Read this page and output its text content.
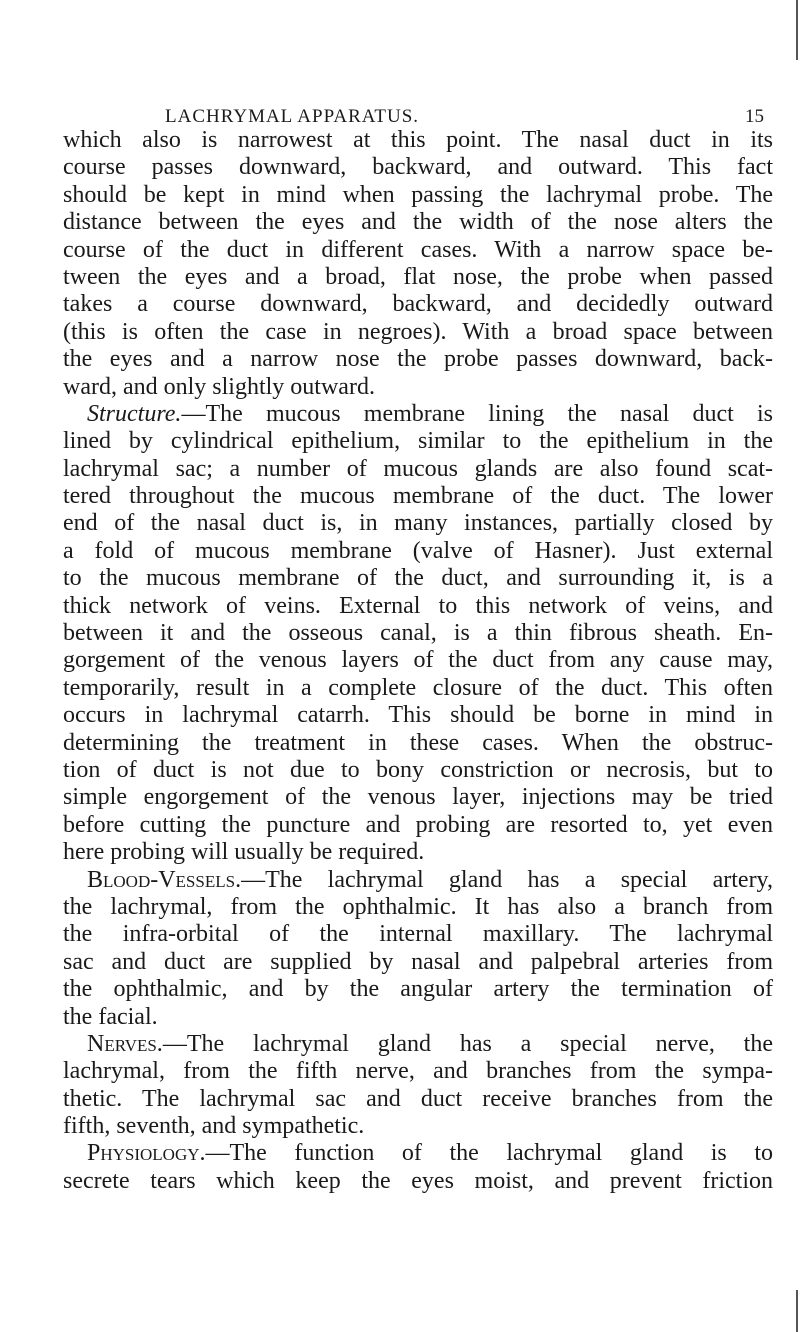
LACHRYMAL APPARATUS.	15
which also is narrowest at this point. The nasal duct in its
course passes downward, backward, and outward. This fact
should be kept in mind when passing the lachrymal probe. The
distance between the eyes and the width of the nose alters the
course of the duct in different cases. With a narrow space be-
tween the eyes and a broad, flat nose, the probe when passed
takes a course downward, backward, and decidedly outward
(this is often the case in negroes). With a broad space between
the eyes and a narrow nose the probe passes downward, back-
ward, and only slightly outward.
 Structure.—The mucous membrane lining the nasal duct is
lined by cylindrical epithelium, similar to the epithelium in the
lachrymal sac; a number of mucous glands are also found scat-
tered throughout the mucous membrane of the duct. The lower
end of the nasal duct is, in many instances, partially closed by
a fold of mucous membrane (valve of Hasner). Just external
to the mucous membrane of the duct, and surrounding it, is a
thick network of veins. External to this network of veins, and
between it and the osseous canal, is a thin fibrous sheath. En-
gorgement of the venous layers of the duct from any cause may,
temporarily, result in a complete closure of the duct. This often
occurs in lachrymal catarrh. This should be borne in mind in
determining the treatment in these cases. When the obstruc-
tion of duct is not due to bony constriction or necrosis, but to
simple engorgement of the venous layer, injections may be tried
before cutting the puncture and probing are resorted to, yet even
here probing will usually be required.
 Blood-Vessels.—The lachrymal gland has a special artery,
the lachrymal, from the ophthalmic. It has also a branch from
the infra-orbital of the internal maxillary. The lachrymal
sac and duct are supplied by nasal and palpebral arteries from
the ophthalmic, and by the angular artery the termination of
the facial.
 Nerves.—The lachrymal gland has a special nerve, the
lachrymal, from the fifth nerve, and branches from the sympa-
thetic. The lachrymal sac and duct receive branches from the
fifth, seventh, and sympathetic.
 Physiology.—The function of the lachrymal gland is to
secrete tears which keep the eyes moist, and prevent friction
